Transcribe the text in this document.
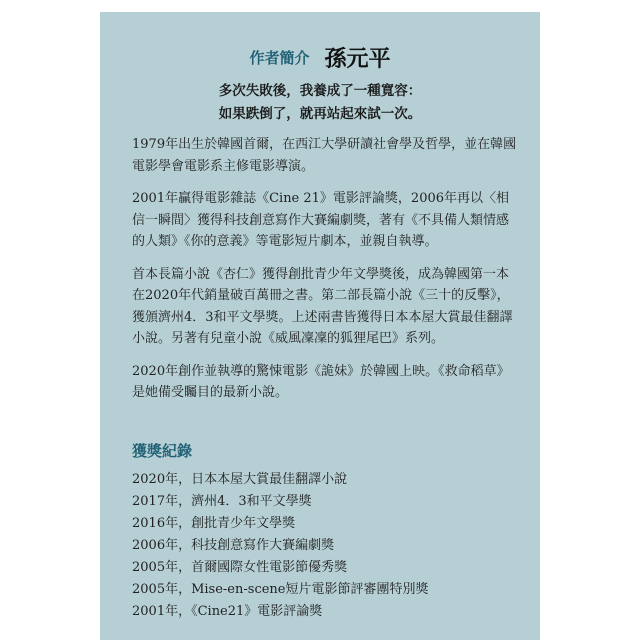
作者簡介 孫元平
多次失敗後，我養成了一種寬容：
如果跌倒了，就再站起來試一次。

1979年出生於韓國首爾，在西江大學研讀社會學及哲學，並在韓國電影學會電影系主修電影導演。

2001年贏得電影雜誌《Cine 21》電影評論獎，2006年再以〈相信一瞬間〉獲得科技創意寫作大賽編劇獎，著有《不具備人類情感的人類》《你的意義》等電影短片劇本，並親自執導。

首本長篇小說《杏仁》獲得創批青少年文學獎後，成為韓國第一本在2020年代銷量破百萬冊之書。第二部長篇小說《三十的反擊》，獲頒濟州4．3和平文學獎。上述兩書皆獲得日本本屋大賞最佳翻譯小說。另著有兒童小說《威風凜凜的狐狸尾巴》系列。

2020年創作並執導的驚悚電影《詭妹》於韓國上映。《救命稻草》是她備受矚目的最新小說。

獲獎紀錄
2020年，日本本屋大賞最佳翻譯小說
2017年，濟州4．3和平文學獎
2016年，創批青少年文學獎
2006年，科技創意寫作大賽編劇獎
2005年，首爾國際女性電影節優秀獎
2005年，Mise-en-scene短片電影節評審團特別獎
2001年，《Cine21》電影評論獎
